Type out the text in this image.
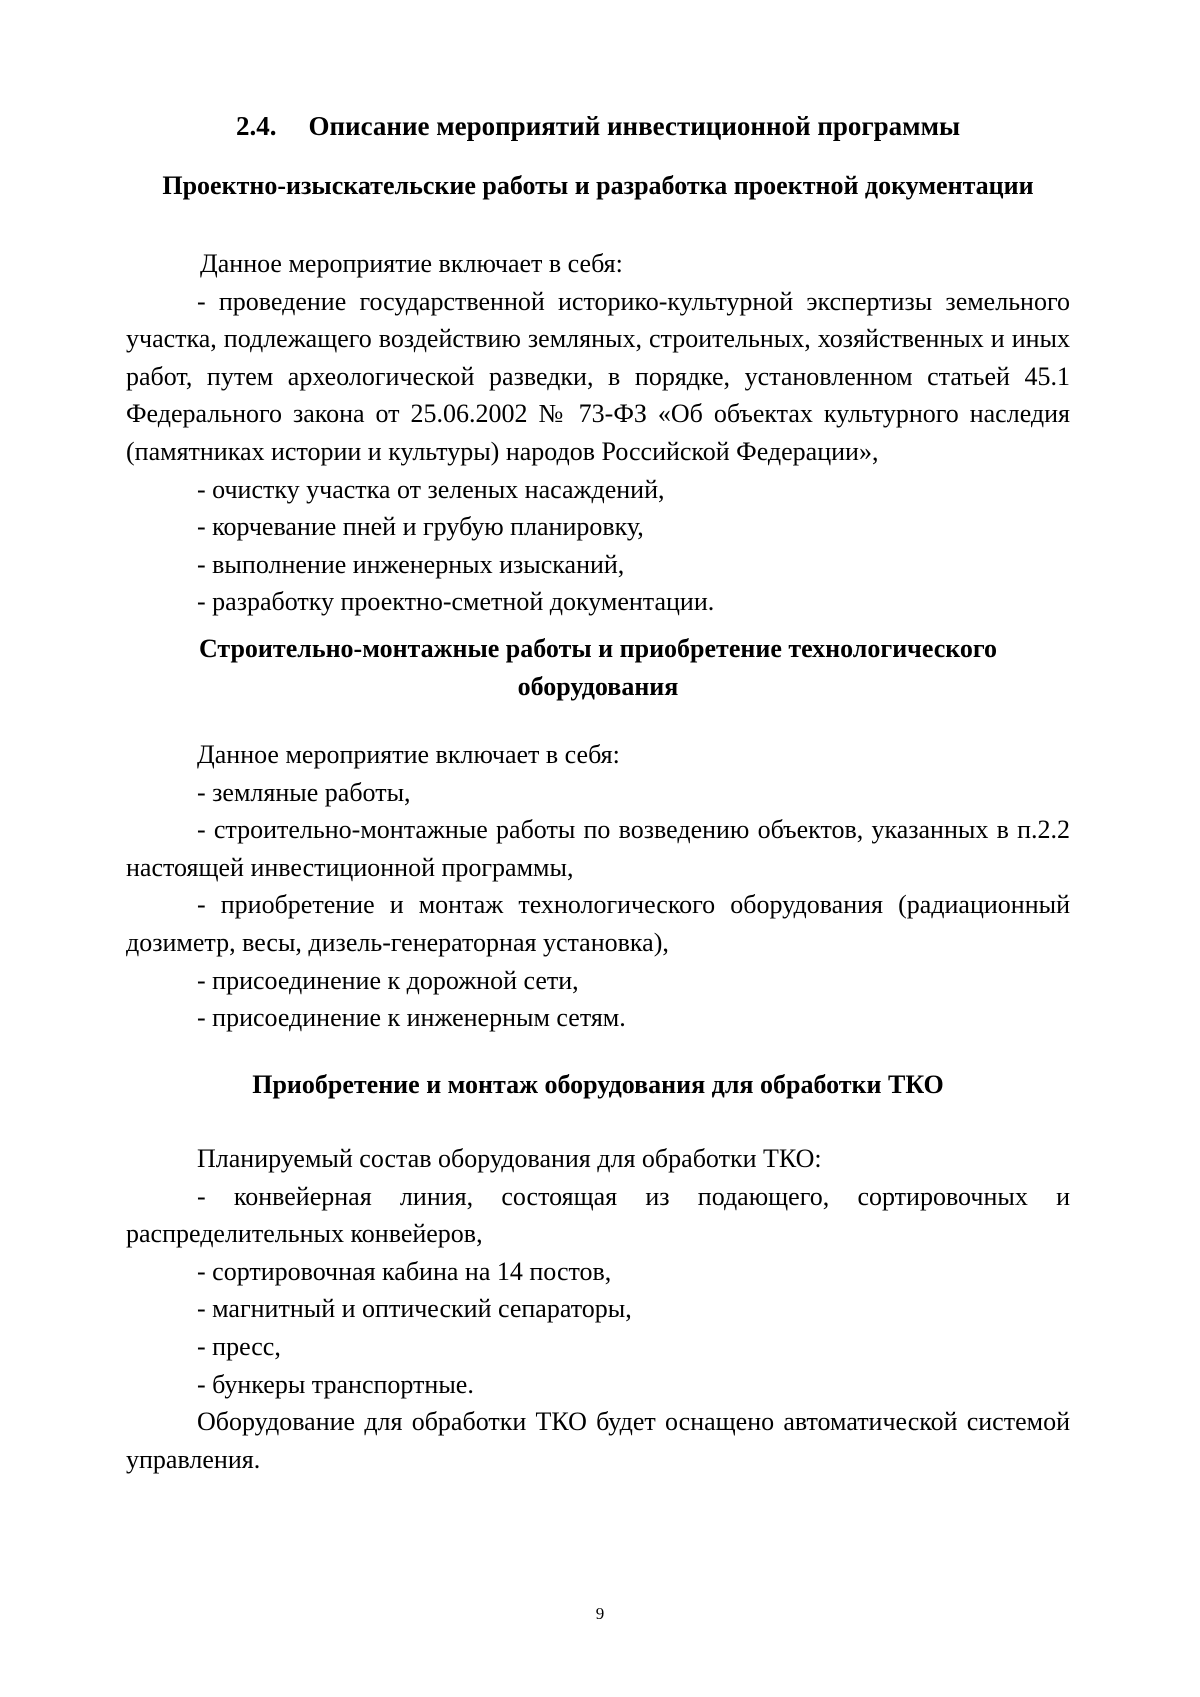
2.4. Описание мероприятий инвестиционной программы
Проектно-изыскательские работы и разработка проектной документации

Данное мероприятие включает в себя:

- проведение государственной историко-культурной экспертизы земельного участка, подлежащего воздействию земляных, строительных, хозяйственных и иных работ, путем археологической разведки, в порядке, установленном статьей 45.1 Федерального закона от 25.06.2002 № 73-ФЗ «Об объектах культурного наследия (памятниках истории и культуры) народов Российской Федерации»,

- очистку участка от зеленых насаждений,

- корчевание пней и грубую планировку,

- выполнение инженерных изысканий,

- разработку проектно-сметной документации.

Строительно-монтажные работы и приобретение технологического
оборудования

Данное мероприятие включает в себя:

- земляные работы,

- строительно-монтажные работы по возведению объектов, указанных в п.2.2 настоящей инвестиционной программы,

- приобретение и монтаж технологического оборудования (радиационный дозиметр, весы, дизель-генераторная установка),

- присоединение к дорожной сети,

- присоединение к инженерным сетям.

Приобретение и монтаж оборудования для обработки ТКО

Планируемый состав оборудования для обработки ТКО:

- конвейерная линия, состоящая из подающего, сортировочных и распределительных конвейеров,

- сортировочная кабина на 14 постов,

- магнитный и оптический сепараторы,

- пресс,

- бункеры транспортные.

Оборудование для обработки ТКО будет оснащено автоматической системой управления.

9
